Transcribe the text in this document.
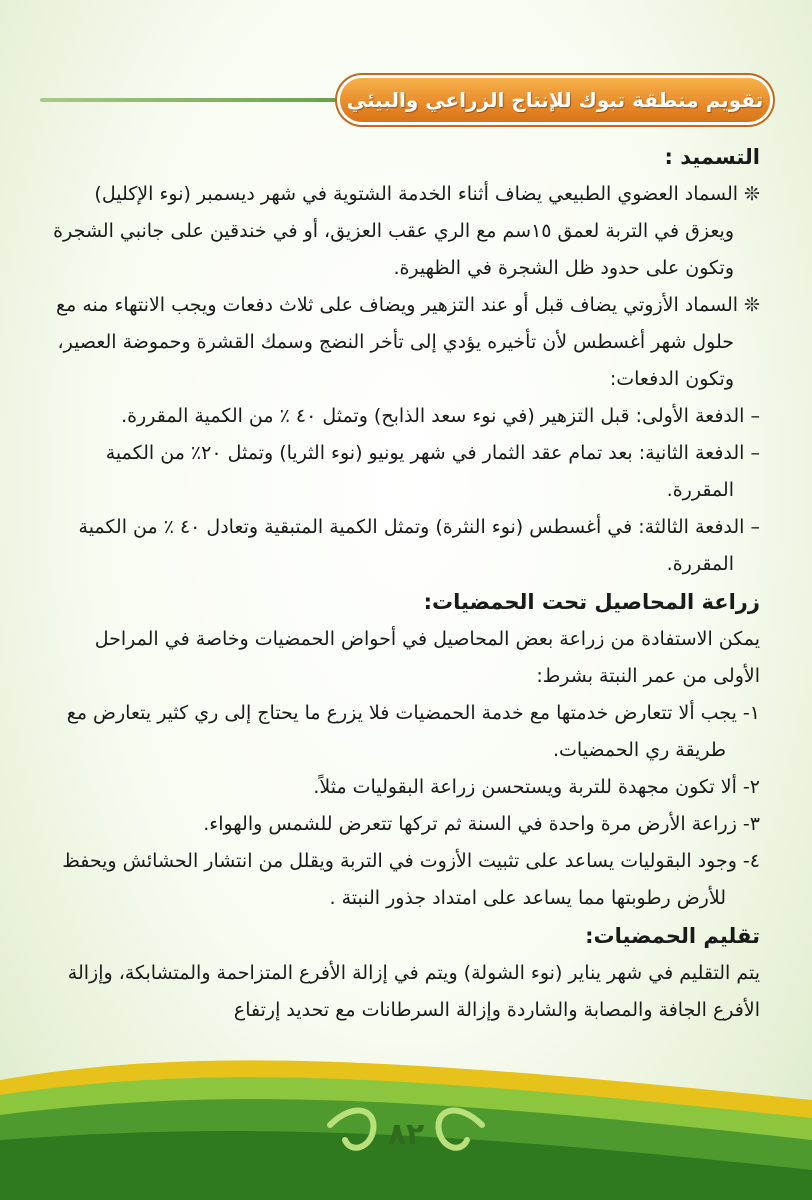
تقويم منطقة تبوك للإنتاج الزراعي والبيئي

التسميد :

❊ السماد العضوي الطبيعي يضاف أثناء الخدمة الشتوية في شهر ديسمبر (نوء الإكليل) ويعزق في التربة لعمق ١٥سم مع الري عقب العزيق، أو في خندقين على جانبي الشجرة وتكون على حدود ظل الشجرة في الظهيرة.

❊ السماد الأزوتي يضاف قبل أو عند التزهير ويضاف على ثلاث دفعات ويجب الانتهاء منه مع حلول شهر أغسطس لأن تأخيره يؤدي إلى تأخر النضج وسمك القشرة وحموضة العصير، وتكون الدفعات:

– الدفعة الأولى: قبل التزهير (في نوء سعد الذابح) وتمثل ٤٠ ٪ من الكمية المقررة.

– الدفعة الثانية: بعد تمام عقد الثمار في شهر يونيو (نوء الثريا) وتمثل ٢٠٪ من الكمية المقررة.

– الدفعة الثالثة: في أغسطس (نوء النثرة) وتمثل الكمية المتبقية وتعادل ٤٠ ٪ من الكمية المقررة.

زراعة المحاصيل تحت الحمضيات:

يمكن الاستفادة من زراعة بعض المحاصيل في أحواض الحمضيات وخاصة في المراحل الأولى من عمر النبتة بشرط:

١- يجب ألا تتعارض خدمتها مع خدمة الحمضيات فلا يزرع ما يحتاج إلى ري كثير يتعارض مع طريقة ري الحمضيات.

٢- ألا تكون مجهدة للتربة ويستحسن زراعة البقوليات مثلاً.

٣- زراعة الأرض مرة واحدة في السنة ثم تركها تتعرض للشمس والهواء.

٤- وجود البقوليات يساعد على تثبيت الأزوت في التربة ويقلل من انتشار الحشائش ويحفظ للأرض رطوبتها مما يساعد على امتداد جذور النبتة .

تقليم الحمضيات:

يتم التقليم في شهر يناير (نوء الشولة) ويتم في إزالة الأفرع المتزاحمة والمتشابكة، وإزالة الأفرع الجافة والمصابة والشاردة وإزالة السرطانات مع تحديد إرتفاع

٨٢
